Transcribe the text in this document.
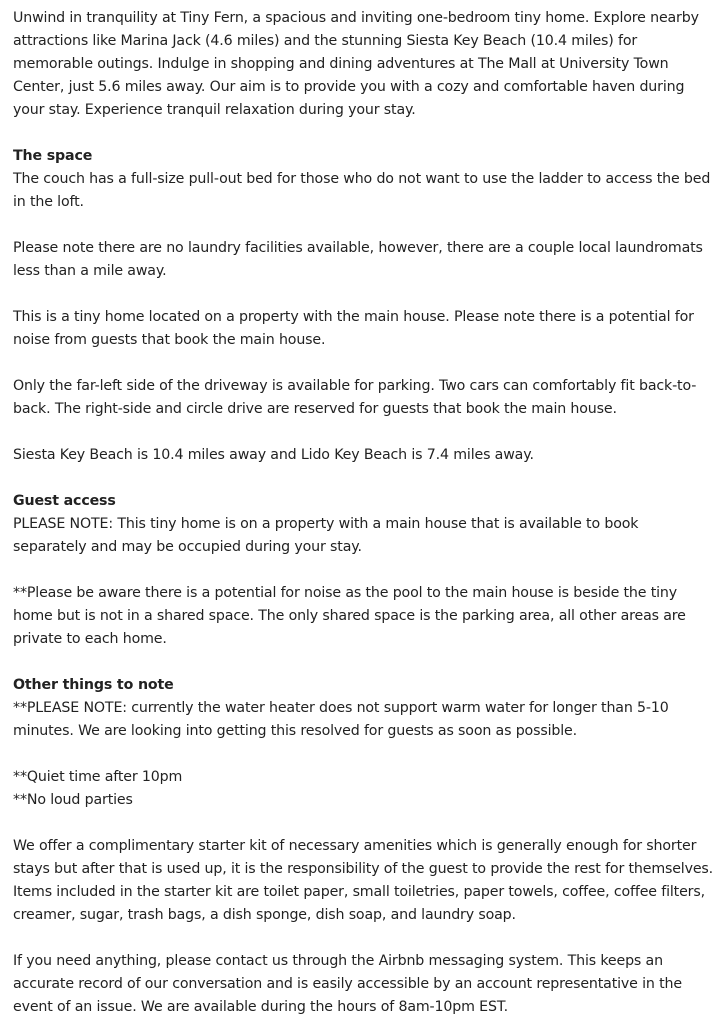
Unwind in tranquility at Tiny Fern, a spacious and inviting one-bedroom tiny home. Explore nearby attractions like Marina Jack (4.6 miles) and the stunning Siesta Key Beach (10.4 miles) for memorable outings. Indulge in shopping and dining adventures at The Mall at University Town Center, just 5.6 miles away. Our aim is to provide you with a cozy and comfortable haven during your stay. Experience tranquil relaxation during your stay.

The space

The couch has a full-size pull-out bed for those who do not want to use the ladder to access the bed in the loft.

Please note there are no laundry facilities available, however, there are a couple local laundromats less than a mile away.

This is a tiny home located on a property with the main house. Please note there is a potential for noise from guests that book the main house.

Only the far-left side of the driveway is available for parking. Two cars can comfortably fit back-to-back. The right-side and circle drive are reserved for guests that book the main house.

Siesta Key Beach is 10.4 miles away and Lido Key Beach is 7.4 miles away.

Guest access

PLEASE NOTE: This tiny home is on a property with a main house that is available to book separately and may be occupied during your stay.

**Please be aware there is a potential for noise as the pool to the main house is beside the tiny home but is not in a shared space. The only shared space is the parking area, all other areas are private to each home.

Other things to note

**PLEASE NOTE: currently the water heater does not support warm water for longer than 5-10 minutes. We are looking into getting this resolved for guests as soon as possible.

**Quiet time after 10pm
**No loud parties

We offer a complimentary starter kit of necessary amenities which is generally enough for shorter stays but after that is used up, it is the responsibility of the guest to provide the rest for themselves. Items included in the starter kit are toilet paper, small toiletries, paper towels, coffee, coffee filters, creamer, sugar, trash bags, a dish sponge, dish soap, and laundry soap.

If you need anything, please contact us through the Airbnb messaging system. This keeps an accurate record of our conversation and is easily accessible by an account representative in the event of an issue. We are available during the hours of 8am-10pm EST.
